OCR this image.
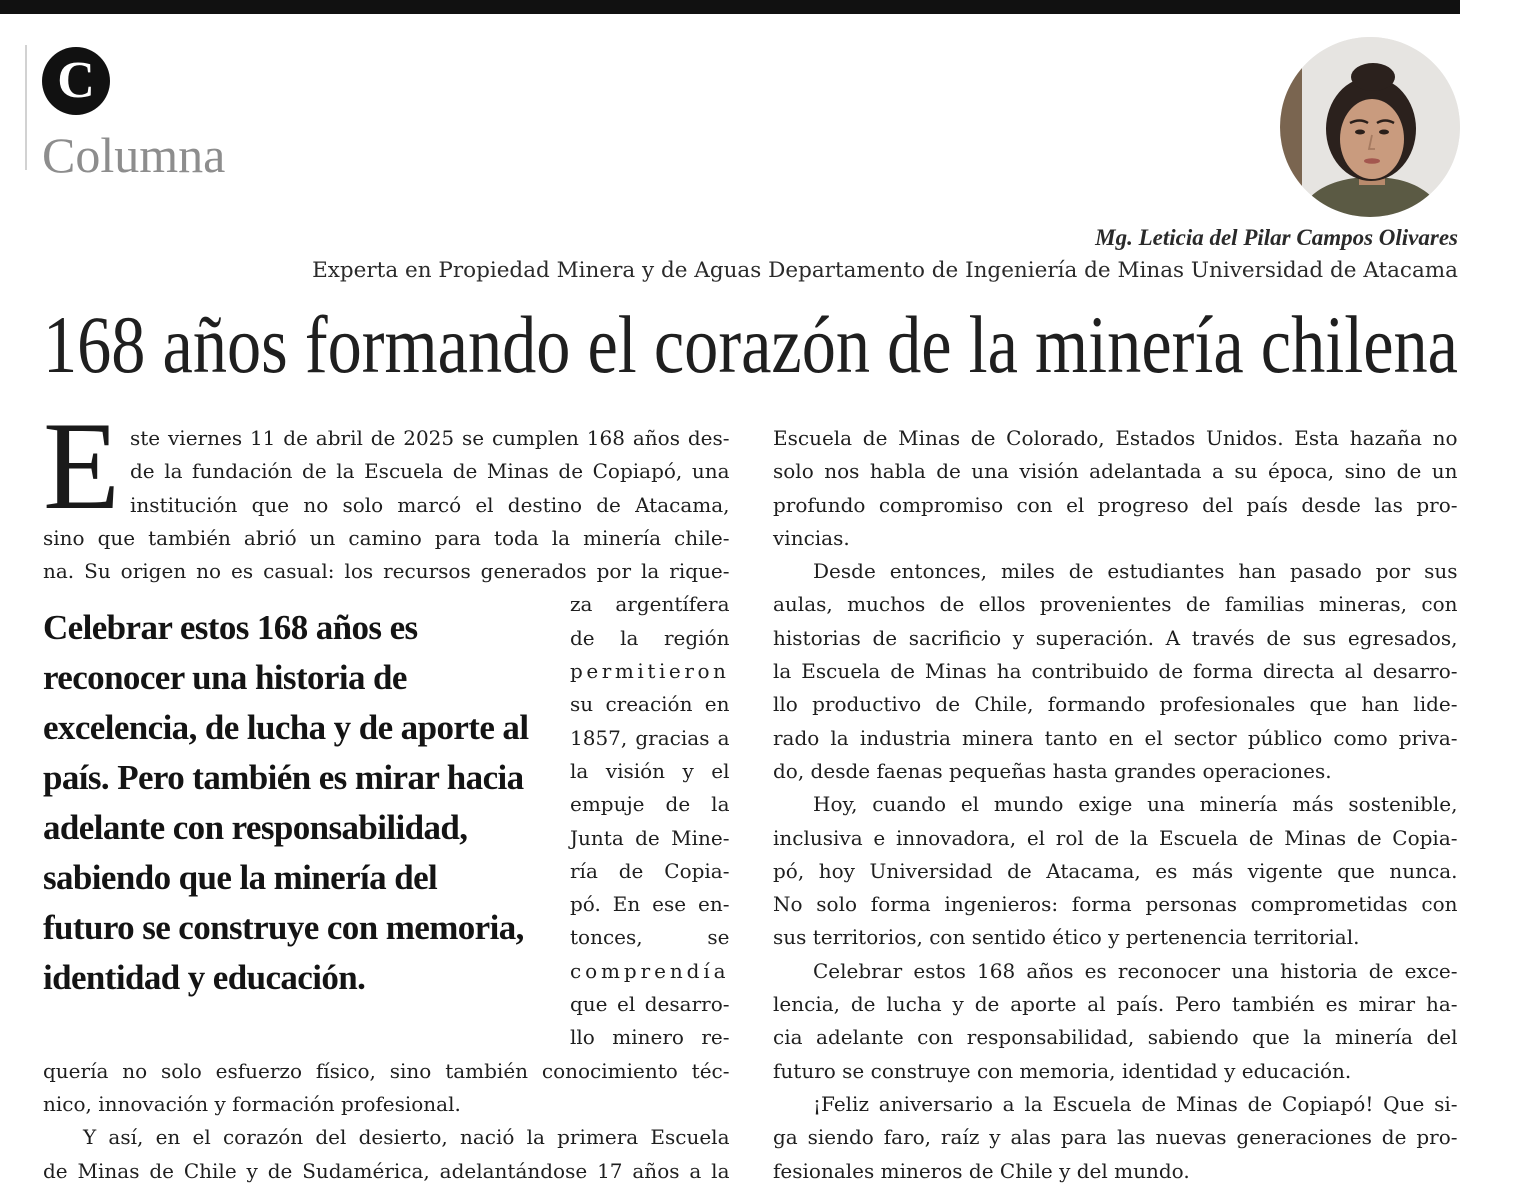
C
Columna
Mg. Leticia del Pilar Campos Olivares
Experta en Propiedad Minera y de Aguas Departamento de Ingeniería de Minas Universidad de Atacama
168 años formando el corazón de la minería chilena
E ste viernes 11 de abril de 2025 se cumplen 168 años des-
de la fundación de la Escuela de Minas de Copiapó, una
institución que no solo marcó el destino de Atacama,
sino que también abrió un camino para toda la minería chile-
na. Su origen no es casual: los recursos generados por la rique-
Celebrar estos 168 años es
reconocer una historia de
excelencia, de lucha y de aporte al
país. Pero también es mirar hacia
adelante con responsabilidad,
sabiendo que la minería del
futuro se construye con memoria,
identidad y educación.
za argentífera
de la región
permitieron
su creación en
1857, gracias a
la visión y el
empuje de la
Junta de Mine-
ría de Copia-
pó. En ese en-
tonces, se
comprendía
que el desarro-
llo minero re-
quería no solo esfuerzo físico, sino también conocimiento téc-
nico, innovación y formación profesional.
Y así, en el corazón del desierto, nació la primera Escuela
de Minas de Chile y de Sudamérica, adelantándose 17 años a la
Escuela de Minas de Colorado, Estados Unidos. Esta hazaña no
solo nos habla de una visión adelantada a su época, sino de un
profundo compromiso con el progreso del país desde las pro-
vincias.
Desde entonces, miles de estudiantes han pasado por sus
aulas, muchos de ellos provenientes de familias mineras, con
historias de sacrificio y superación. A través de sus egresados,
la Escuela de Minas ha contribuido de forma directa al desarro-
llo productivo de Chile, formando profesionales que han lide-
rado la industria minera tanto en el sector público como priva-
do, desde faenas pequeñas hasta grandes operaciones.
Hoy, cuando el mundo exige una minería más sostenible,
inclusiva e innovadora, el rol de la Escuela de Minas de Copia-
pó, hoy Universidad de Atacama, es más vigente que nunca.
No solo forma ingenieros: forma personas comprometidas con
sus territorios, con sentido ético y pertenencia territorial.
Celebrar estos 168 años es reconocer una historia de exce-
lencia, de lucha y de aporte al país. Pero también es mirar ha-
cia adelante con responsabilidad, sabiendo que la minería del
futuro se construye con memoria, identidad y educación.
¡Feliz aniversario a la Escuela de Minas de Copiapó! Que si-
ga siendo faro, raíz y alas para las nuevas generaciones de pro-
fesionales mineros de Chile y del mundo.
